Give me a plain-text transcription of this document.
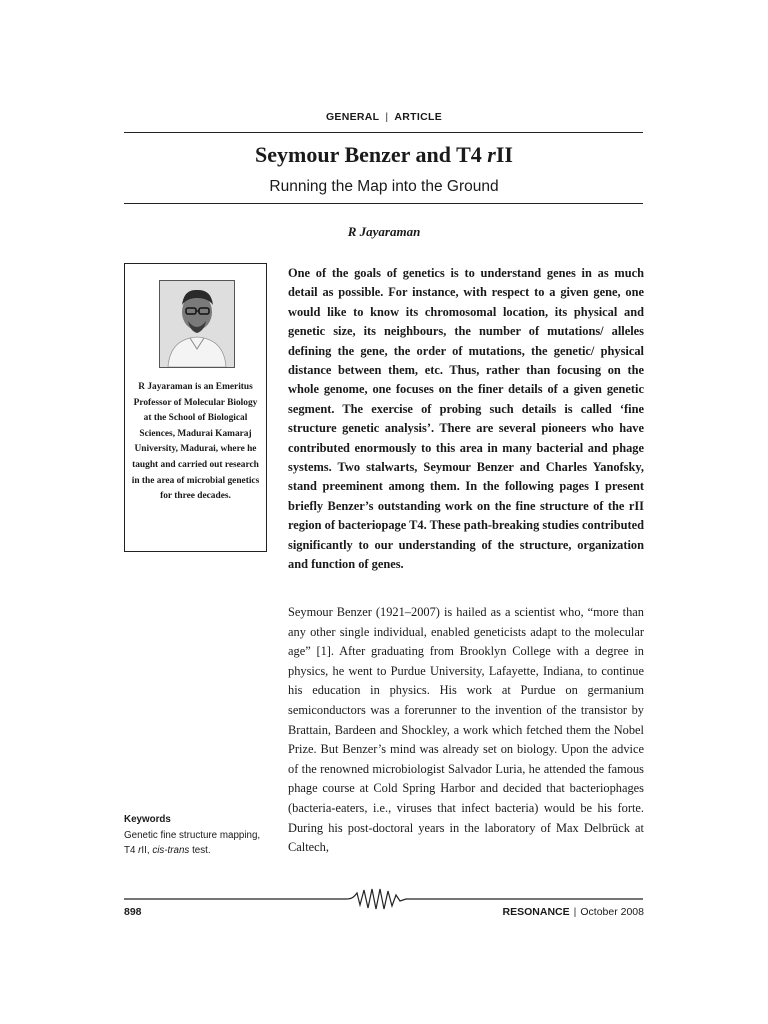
GENERAL | ARTICLE
Seymour Benzer and T4 rII
Running the Map into the Ground
R Jayaraman
R Jayaraman is an Emeritus Professor of Molecular Biology at the School of Biological Sciences, Madurai Kamaraj University, Madurai, where he taught and carried out research in the area of microbial genetics for three decades.
One of the goals of genetics is to understand genes in as much detail as possible. For instance, with respect to a given gene, one would like to know its chromosomal location, its physical and genetic size, its neighbours, the number of mutations/ alleles defining the gene, the order of mutations, the genetic/ physical distance between them, etc. Thus, rather than focusing on the whole genome, one focuses on the finer details of a given genetic segment. The exercise of probing such details is called ‘fine structure genetic analysis’. There are several pioneers who have contributed enormously to this area in many bacterial and phage systems. Two stalwarts, Seymour Benzer and Charles Yanofsky, stand preeminent among them. In the following pages I present briefly Benzer’s outstanding work on the fine structure of the rII region of bacteriopage T4. These path-breaking studies contributed significantly to our understanding of the structure, organization and function of genes.
Seymour Benzer (1921–2007) is hailed as a scientist who, “more than any other single individual, enabled geneticists adapt to the molecular age” [1]. After graduating from Brooklyn College with a degree in physics, he went to Purdue University, Lafayette, Indiana, to continue his education in physics. His work at Purdue on germanium semiconductors was a forerunner to the invention of the transistor by Brattain, Bardeen and Shockley, a work which fetched them the Nobel Prize. But Benzer’s mind was already set on biology. Upon the advice of the renowned microbiologist Salvador Luria, he attended the famous phage course at Cold Spring Harbor and decided that bacteriophages (bacteria-eaters, i.e., viruses that infect bacteria) would be his forte. During his post-doctoral years in the laboratory of Max Delbrück at Caltech,
Keywords
Genetic fine structure mapping,
T4 rII, cis-trans test.
898	RESONANCE | October 2008
